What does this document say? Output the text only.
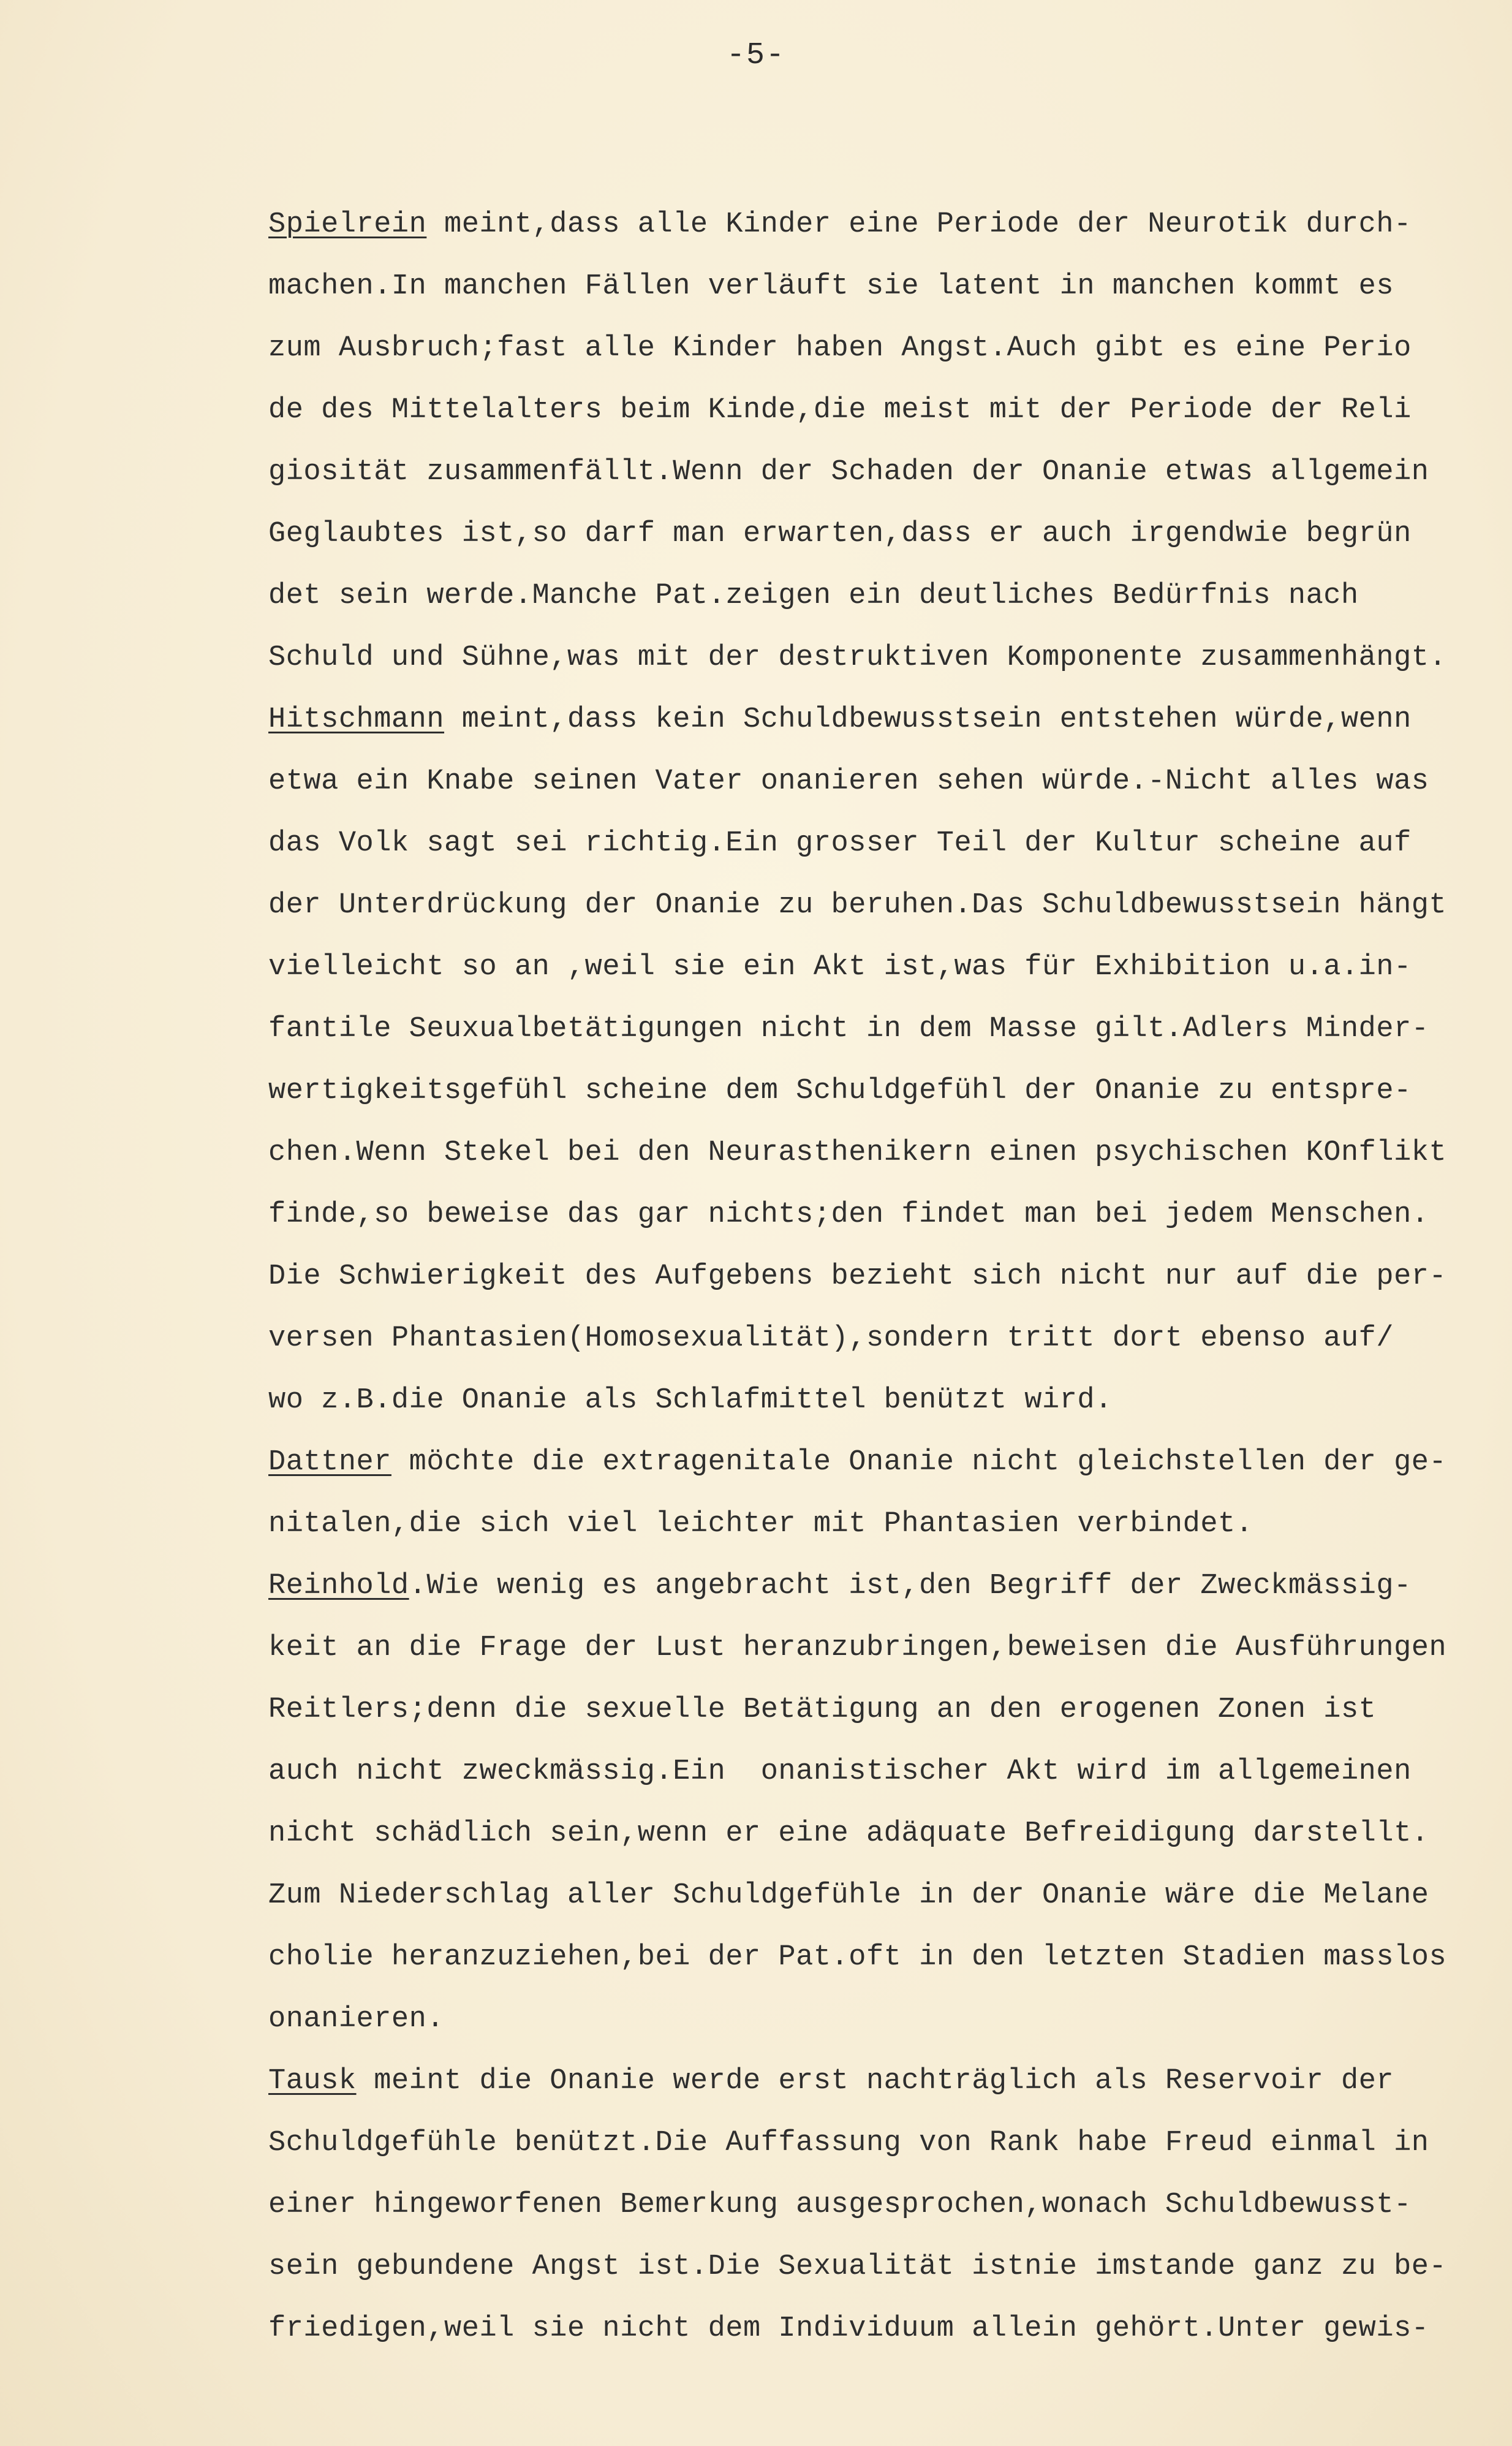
-5-
Spielrein meint,dass alle Kinder eine Periode der Neurotik durch-
machen.In manchen Fällen verläuft sie latent in manchen kommt es
zum Ausbruch;fast alle Kinder haben Angst.Auch gibt es eine Perio
de des Mittelalters beim Kinde,die meist mit der Periode der Reli
giosität zusammenfällt.Wenn der Schaden der Onanie etwas allgemein
Geglaubtes ist,so darf man erwarten,dass er auch irgendwie begrün
det sein werde.Manche Pat.zeigen ein deutliches Bedürfnis nach
Schuld und Sühne,was mit der destruktiven Komponente zusammenhängt.
Hitschmann meint,dass kein Schuldbewusstsein entstehen würde,wenn
etwa ein Knabe seinen Vater onanieren sehen würde.-Nicht alles was
das Volk sagt sei richtig.Ein grosser Teil der Kultur scheine auf
der Unterdrückung der Onanie zu beruhen.Das Schuldbewusstsein hängt
vielleicht so an ,weil sie ein Akt ist,was für Exhibition u.a.in-
fantile Seuxualbetätigungen nicht in dem Masse gilt.Adlers Minder-
wertigkeitsgefühl scheine dem Schuldgefühl der Onanie zu entspre-
chen.Wenn Stekel bei den Neurasthenikern einen psychischen KOnflikt
finde,so beweise das gar nichts;den findet man bei jedem Menschen.
Die Schwierigkeit des Aufgebens bezieht sich nicht nur auf die per-
versen Phantasien(Homosexualität),sondern tritt dort ebenso auf/
wo z.B.die Onanie als Schlafmittel benützt wird.
Dattner möchte die extragenitale Onanie nicht gleichstellen der ge-
nitalen,die sich viel leichter mit Phantasien verbindet.
Reinhold.Wie wenig es angebracht ist,den Begriff der Zweckmässig-
keit an die Frage der Lust heranzubringen,beweisen die Ausführungen
Reitlers;denn die sexuelle Betätigung an den erogenen Zonen ist
auch nicht zweckmässig.Ein  onanistischer Akt wird im allgemeinen
nicht schädlich sein,wenn er eine adäquate Befreidigung darstellt.
Zum Niederschlag aller Schuldgefühle in der Onanie wäre die Melane
cholie heranzuziehen,bei der Pat.oft in den letzten Stadien masslos
onanieren.
Tausk meint die Onanie werde erst nachträglich als Reservoir der
Schuldgefühle benützt.Die Auffassung von Rank habe Freud einmal in
einer hingeworfenen Bemerkung ausgesprochen,wonach Schuldbewusst-
sein gebundene Angst ist.Die Sexualität istnie imstande ganz zu be-
friedigen,weil sie nicht dem Individuum allein gehört.Unter gewis-
